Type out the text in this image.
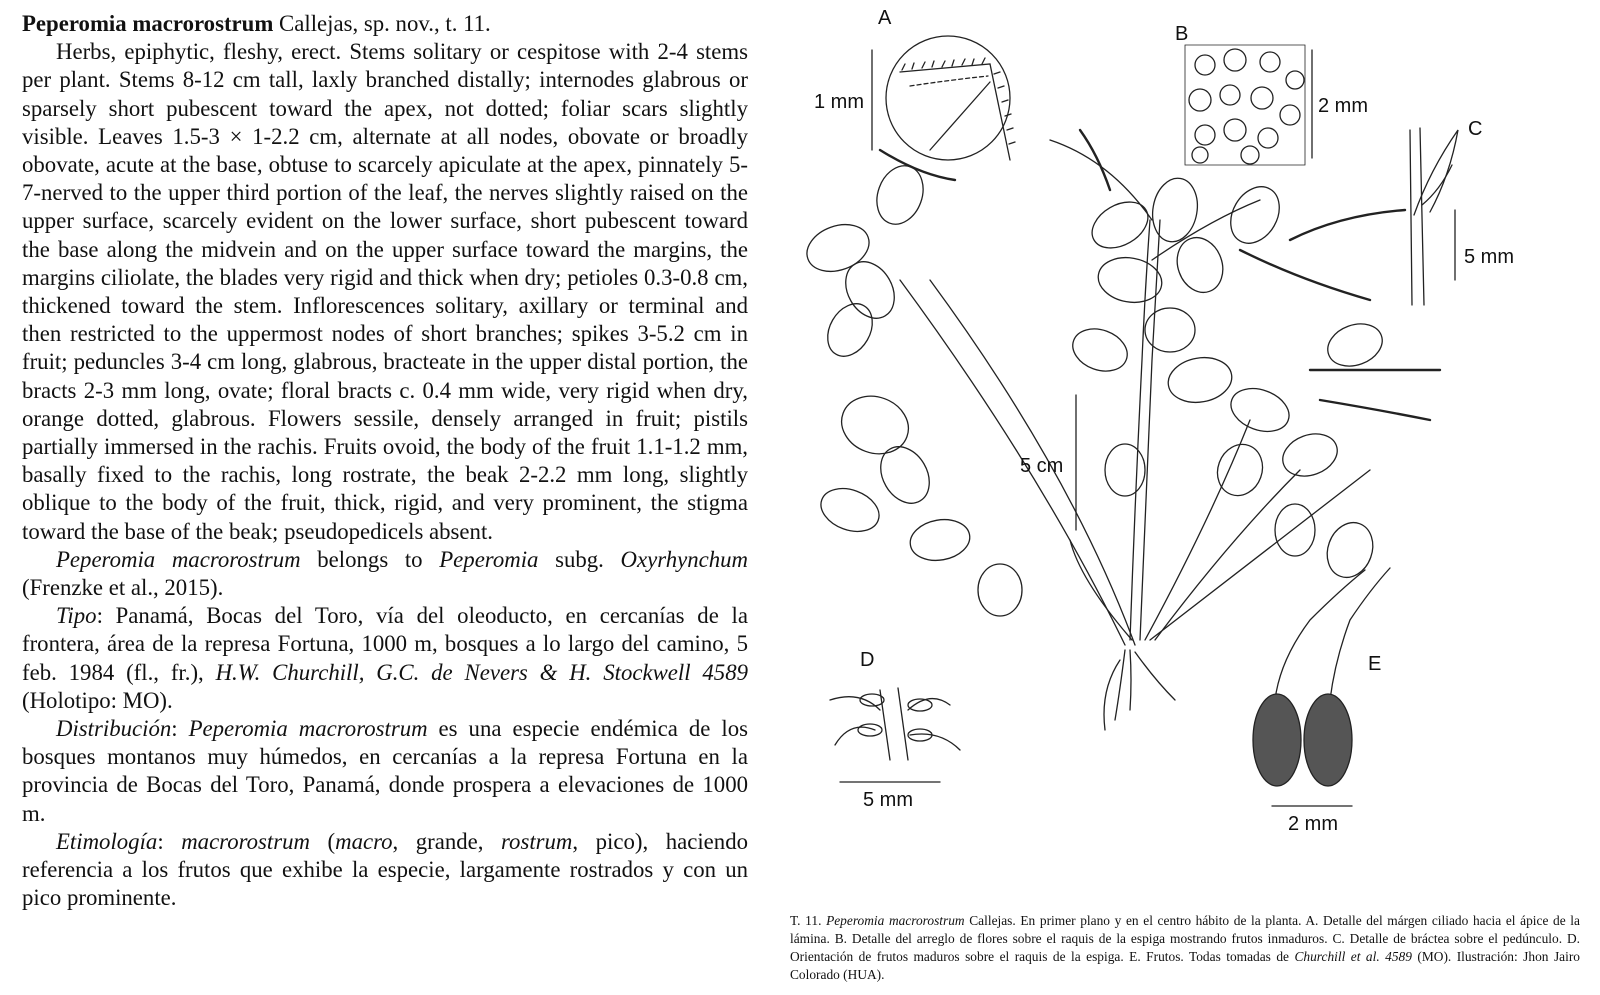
Peperomia macrorostrum Callejas, sp. nov., t. 11.

Herbs, epiphytic, fleshy, erect. Stems solitary or cespitose with 2-4 stems per plant. Stems 8-12 cm tall, laxly branched distally; internodes glabrous or sparsely short pubescent toward the apex, not dotted; foliar scars slightly visible. Leaves 1.5-3 × 1-2.2 cm, alternate at all nodes, obovate or broadly obovate, acute at the base, obtuse to scarcely apiculate at the apex, pinnately 5-7-nerved to the upper third portion of the leaf, the nerves slightly raised on the upper surface, scarcely evident on the lower surface, short pubescent toward the base along the midvein and on the upper surface toward the margins, the margins ciliolate, the blades very rigid and thick when dry; petioles 0.3-0.8 cm, thickened toward the stem. Inflorescences solitary, axillary or terminal and then restricted to the uppermost nodes of short branches; spikes 3-5.2 cm in fruit; peduncles 3-4 cm long, glabrous, bracteate in the upper distal portion, the bracts 2-3 mm long, ovate; floral bracts c. 0.4 mm wide, very rigid when dry, orange dotted, glabrous. Flowers sessile, densely arranged in fruit; pistils partially immersed in the rachis. Fruits ovoid, the body of the fruit 1.1-1.2 mm, basally fixed to the rachis, long rostrate, the beak 2-2.2 mm long, slightly oblique to the body of the fruit, thick, rigid, and very prominent, the stigma toward the base of the beak; pseudopedicels absent.

Peperomia macrorostrum belongs to Peperomia subg. Oxyrhynchum (Frenzke et al., 2015).

Tipo: Panamá, Bocas del Toro, vía del oleoducto, en cercanías de la frontera, área de la represa Fortuna, 1000 m, bosques a lo largo del camino, 5 feb. 1984 (fl., fr.), H.W. Churchill, G.C. de Nevers & H. Stockwell 4589 (Holotipo: MO).

Distribución: Peperomia macrorostrum es una especie endémica de los bosques montanos muy húmedos, en cercanías a la represa Fortuna en la provincia de Bocas del Toro, Panamá, donde prospera a elevaciones de 1000 m.

Etimología: macrorostrum (macro, grande, rostrum, pico), haciendo referencia a los frutos que exhibe la especie, largamente rostrados y con un pico prominente.

A
B
C
D	E
1 mm	2 mm
5 mm
5 cm
5 mm
2 mm
T. 11. Peperomia macrorostrum Callejas. En primer plano y en el centro hábito de la planta. A. Detalle del márgen ciliado hacia el ápice de la lámina. B. Detalle del arreglo de flores sobre el raquis de la espiga mostrando frutos inmaduros. C. Detalle de bráctea sobre el pedúnculo. D. Orientación de frutos maduros sobre el raquis de la espiga. E. Frutos. Todas tomadas de Churchill et al. 4589 (MO). Ilustración: Jhon Jairo Colorado (HUA).
